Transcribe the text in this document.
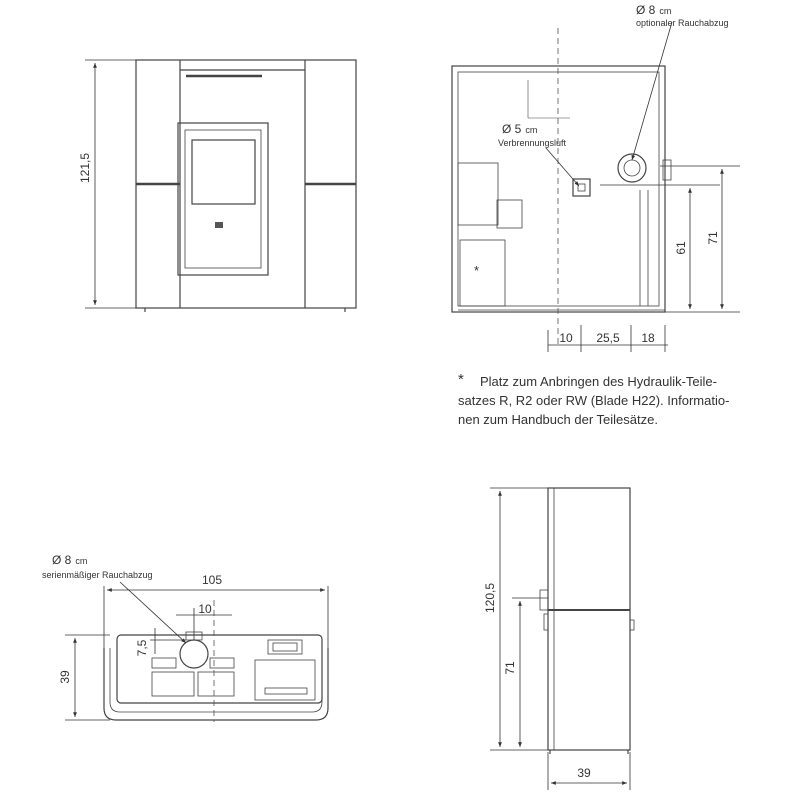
121,5
Ø 8 cm
optionaler Rauchabzug
Ø 5 cm
Verbrennungsluft
*
61
71
10 25,5 18
Ø 8 cm
serienmäßiger Rauchabzug	105
10
7,5
39
120,5
71
39
* Platz zum Anbringen des Hydraulik-Teile-
satzes R, R2 oder RW (Blade H22). Informatio-
nen zum Handbuch der Teilesätze.
